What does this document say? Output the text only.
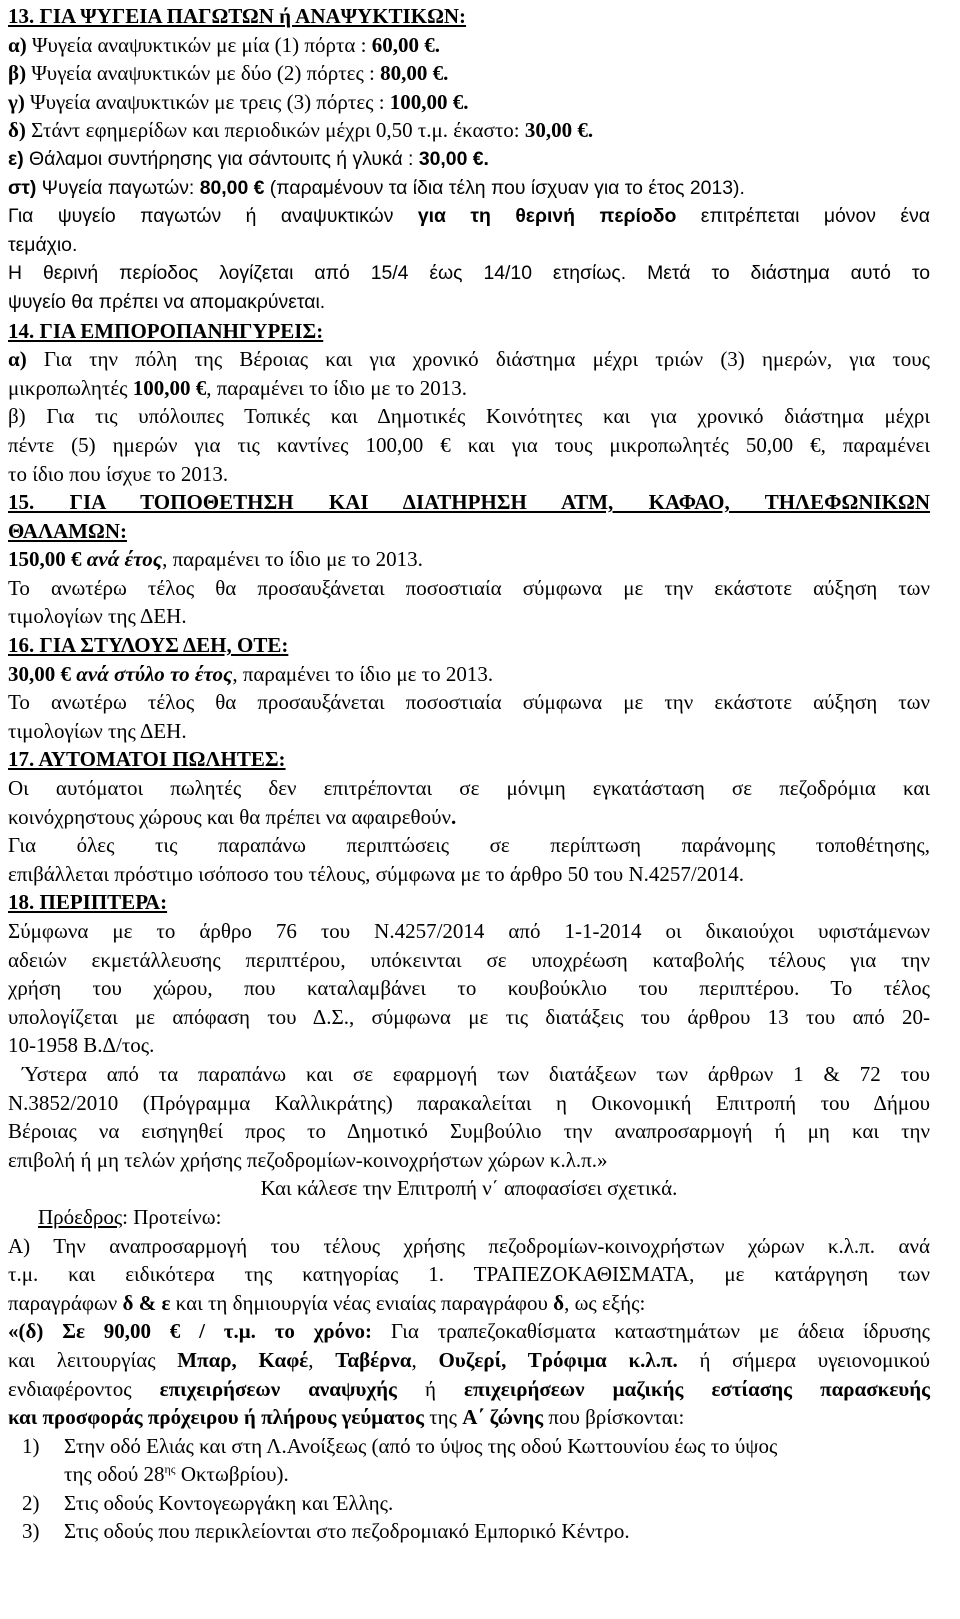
13. ΓΙΑ ΨΥΓΕΙΑ ΠΑΓΩΤΩΝ ή ΑΝΑΨΥΚΤΙΚΩΝ:
α) Ψυγεία αναψυκτικών με μία (1) πόρτα : 60,00 €.
β) Ψυγεία αναψυκτικών με δύο (2) πόρτες : 80,00 €.
γ) Ψυγεία αναψυκτικών με τρεις (3) πόρτες : 100,00 €.
δ) Στάντ εφημερίδων και περιοδικών μέχρι 0,50 τ.μ. έκαστο: 30,00 €.
ε) Θάλαμοι συντήρησης για σάντουιτς ή γλυκά : 30,00 €.
στ) Ψυγεία παγωτών: 80,00 € (παραμένουν τα ίδια τέλη που ίσχυαν για το έτος 2013).
Για ψυγείο παγωτών ή αναψυκτικών για τη θερινή περίοδο επιτρέπεται μόνον ένα
τεμάχιο.
Η θερινή περίοδος λογίζεται από 15/4 έως 14/10 ετησίως. Μετά το διάστημα αυτό το
ψυγείο θα πρέπει να απομακρύνεται.
14. ΓΙΑ ΕΜΠΟΡΟΠΑΝΗΓΥΡΕΙΣ:
α) Για την πόλη της Βέροιας και για χρονικό διάστημα μέχρι τριών (3) ημερών, για τους
μικροπωλητές 100,00 €, παραμένει το ίδιο με το 2013.
β) Για τις υπόλοιπες Τοπικές και Δημοτικές Κοινότητες και για χρονικό διάστημα μέχρι
πέντε (5) ημερών για τις καντίνες 100,00 € και για τους μικροπωλητές 50,00 €, παραμένει
το ίδιο που ίσχυε το 2013.
15. ΓΙΑ ΤΟΠΟΘΕΤΗΣΗ ΚΑΙ ΔΙΑΤΗΡΗΣΗ ΑΤΜ, ΚΑΦΑΟ, ΤΗΛΕΦΩΝΙΚΩΝ
ΘΑΛΑΜΩΝ:
150,00 € ανά έτος, παραμένει το ίδιο με το 2013.
Το ανωτέρω τέλος θα προσαυξάνεται ποσοστιαία σύμφωνα με την εκάστοτε αύξηση των
τιμολογίων της ΔΕΗ.
16. ΓΙΑ ΣΤΥΛΟΥΣ ΔΕΗ, ΟΤΕ:
30,00 € ανά στύλο το έτος, παραμένει το ίδιο με το 2013.
Το ανωτέρω τέλος θα προσαυξάνεται ποσοστιαία σύμφωνα με την εκάστοτε αύξηση των
τιμολογίων της ΔΕΗ.
17. ΑΥΤΟΜΑΤΟΙ ΠΩΛΗΤΕΣ:
Οι αυτόματοι πωλητές δεν επιτρέπονται σε μόνιμη εγκατάσταση σε πεζοδρόμια και
κοινόχρηστους χώρους και θα πρέπει να αφαιρεθούν.
Για όλες τις παραπάνω περιπτώσεις σε περίπτωση παράνομης τοποθέτησης,
επιβάλλεται πρόστιμο ισόποσο του τέλους, σύμφωνα με το άρθρο 50 του Ν.4257/2014.
18. ΠΕΡΙΠΤΕΡΑ:
Σύμφωνα με το άρθρο 76 του Ν.4257/2014 από 1-1-2014 οι δικαιούχοι υφιστάμενων
αδειών εκμετάλλευσης περιπτέρου, υπόκεινται σε υποχρέωση καταβολής τέλους για την
χρήση του χώρου, που καταλαμβάνει το κουβούκλιο του περιπτέρου. Το τέλος
υπολογίζεται με απόφαση του Δ.Σ., σύμφωνα με τις διατάξεις του άρθρου 13 του από 20-
10-1958 Β.Δ/τος.
Ύστερα από τα παραπάνω και σε εφαρμογή των διατάξεων των άρθρων 1 & 72 του
Ν.3852/2010 (Πρόγραμμα Καλλικράτης) παρακαλείται η Οικονομική Επιτροπή του Δήμου
Βέροιας να εισηγηθεί προς το Δημοτικό Συμβούλιο την αναπροσαρμογή ή μη και την
επιβολή ή μη τελών χρήσης πεζοδρομίων-κοινοχρήστων χώρων κ.λ.π.»
Και κάλεσε την Επιτροπή ν΄ αποφασίσει σχετικά.
Πρόεδρος: Προτείνω:
Α) Την αναπροσαρμογή του τέλους χρήσης πεζοδρομίων-κοινοχρήστων χώρων κ.λ.π. ανά
τ.μ. και ειδικότερα της κατηγορίας 1. ΤΡΑΠΕΖΟΚΑΘΙΣΜΑΤΑ, με κατάργηση των
παραγράφων δ & ε και τη δημιουργία νέας ενιαίας παραγράφου δ, ως εξής:
«(δ) Σε 90,00 € / τ.μ. το χρόνο: Για τραπεζοκαθίσματα καταστημάτων με άδεια ίδρυσης
και λειτουργίας Μπαρ, Καφέ, Ταβέρνα, Ουζερί, Τρόφιμα κ.λ.π. ή σήμερα υγειονομικού
ενδιαφέροντος επιχειρήσεων αναψυχής ή επιχειρήσεων μαζικής εστίασης παρασκευής
και προσφοράς πρόχειρου ή πλήρους γεύματος της Α΄ ζώνης που βρίσκονται:
1) Στην οδό Ελιάς και στη Λ.Ανοίξεως (από το ύψος της οδού Κωττουνίου έως το ύψος
της οδού $28^{\eta\varsigma}$ Οκτωβρίου).
2) Στις οδούς Κοντογεωργάκη και Έλλης.
3) Στις οδούς που περικλείονται στο πεζοδρομιακό Εμπορικό Κέντρο.
